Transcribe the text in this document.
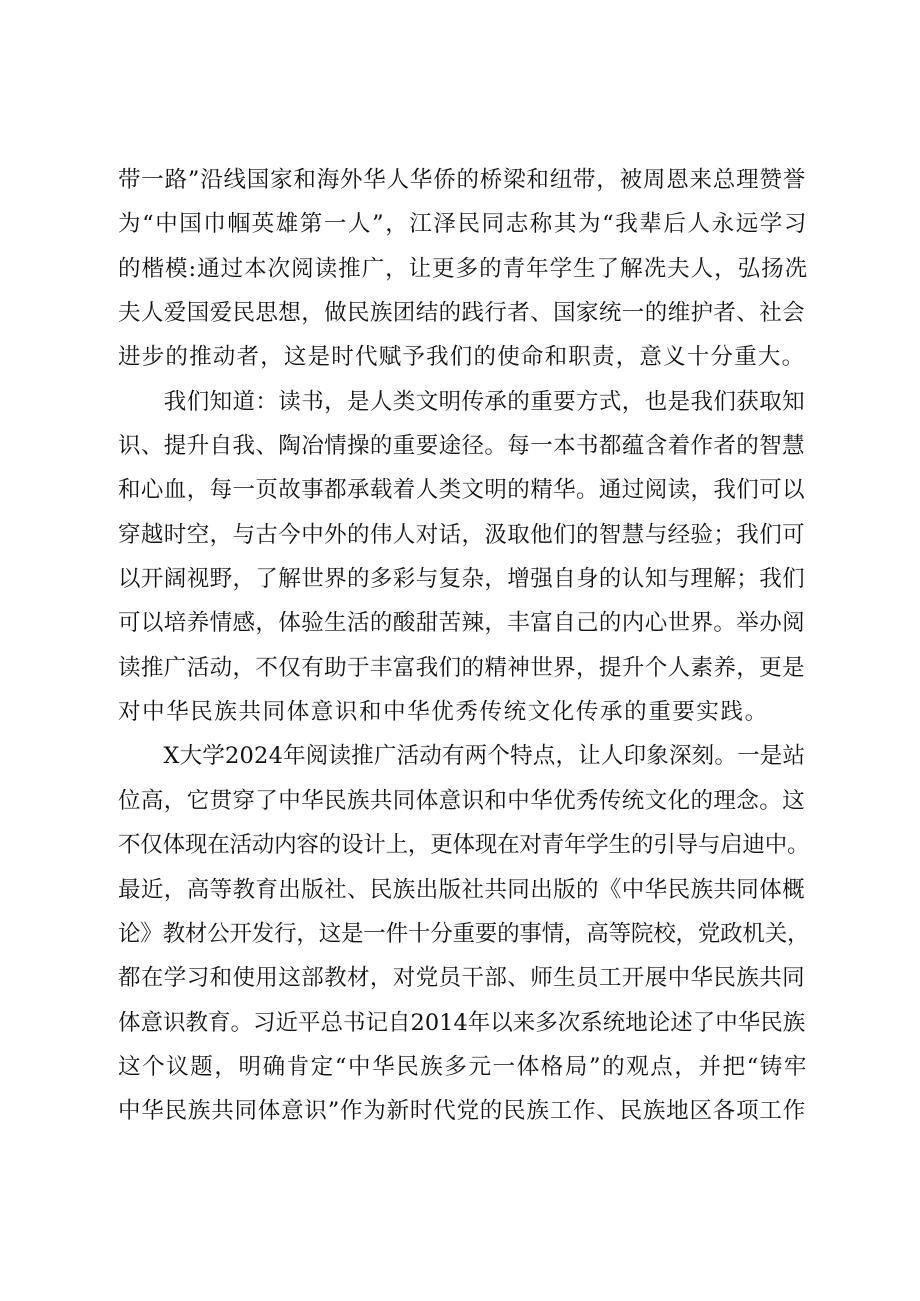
带一路”沿线国家和海外华人华侨的桥梁和纽带，被周恩来总理赞誉
为“中国巾帼英雄第一人”，江泽民同志称其为“我辈后人永远学习
的楷模:通过本次阅读推广，让更多的青年学生了解冼夫人，弘扬冼
夫人爱国爱民思想，做民族团结的践行者、国家统一的维护者、社会
进步的推动者，这是时代赋予我们的使命和职责，意义十分重大。
　　我们知道：读书，是人类文明传承的重要方式，也是我们获取知
识、提升自我、陶冶情操的重要途径。每一本书都蕴含着作者的智慧
和心血，每一页故事都承载着人类文明的精华。通过阅读，我们可以
穿越时空，与古今中外的伟人对话，汲取他们的智慧与经验；我们可
以开阔视野，了解世界的多彩与复杂，增强自身的认知与理解；我们
可以培养情感，体验生活的酸甜苦辣，丰富自己的内心世界。举办阅
读推广活动，不仅有助于丰富我们的精神世界，提升个人素养，更是
对中华民族共同体意识和中华优秀传统文化传承的重要实践。
　　X大学2024年阅读推广活动有两个特点，让人印象深刻。一是站
位高，它贯穿了中华民族共同体意识和中华优秀传统文化的理念。这
不仅体现在活动内容的设计上，更体现在对青年学生的引导与启迪中。
最近，高等教育出版社、民族出版社共同出版的《中华民族共同体概
论》教材公开发行，这是一件十分重要的事情，高等院校，党政机关，
都在学习和使用这部教材，对党员干部、师生员工开展中华民族共同
体意识教育。习近平总书记自2014年以来多次系统地论述了中华民族
这个议题，明确肯定“中华民族多元一体格局”的观点，并把“铸牢
中华民族共同体意识”作为新时代党的民族工作、民族地区各项工作
